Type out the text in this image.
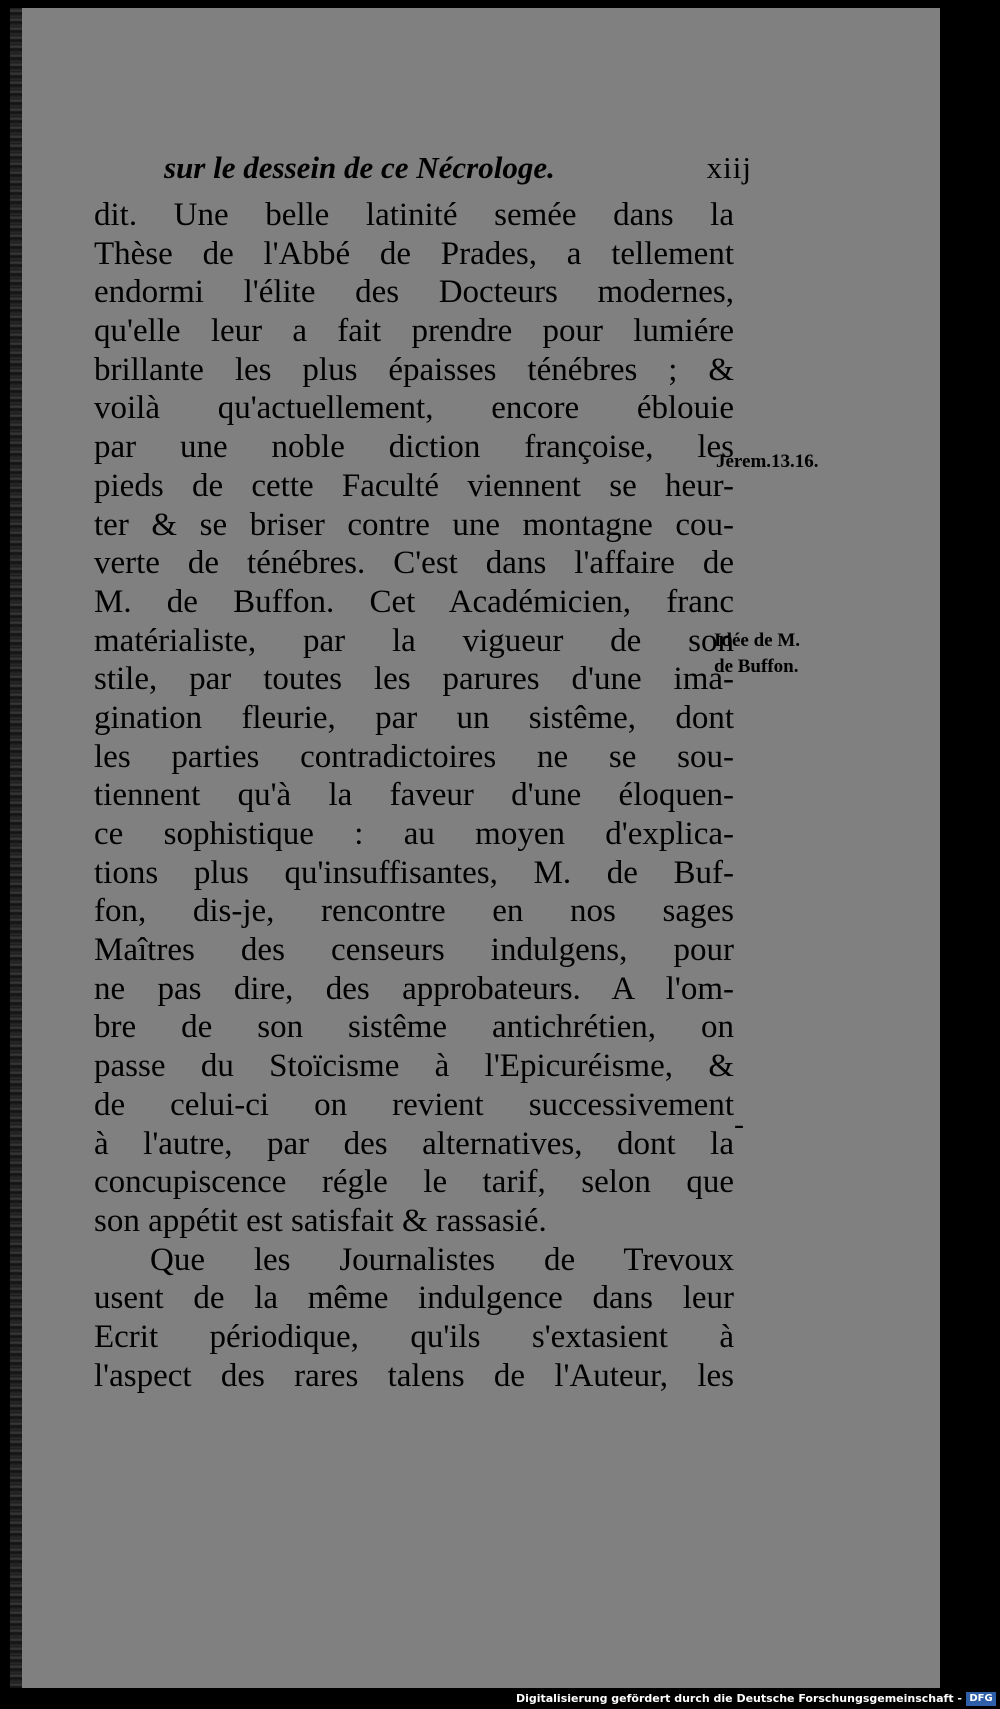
sur le dessein de ce Nécrologe.	xiij
dit. Une belle latinité semée dans la
Thèse de l'Abbé de Prades, a tellement
endormi l'élite des Docteurs modernes,
qu'elle leur a fait prendre pour lumiére
brillante les plus épaisses ténébres ; &
voilà qu'actuellement, encore éblouie
par une noble diction françoise, les
pieds de cette Faculté viennent se heur-
ter & se briser contre une montagne cou-
verte de ténébres. C'est dans l'affaire de
M. de Buffon. Cet Académicien, franc
matérialiste, par la vigueur de son
stile, par toutes les parures d'une ima-
gination fleurie, par un sistême, dont
les parties contradictoires ne se sou-
tiennent qu'à la faveur d'une éloquen-
ce sophistique : au moyen d'explica-
tions plus qu'insuffisantes, M. de Buf-
fon, dis-je, rencontre en nos sages
Maîtres des censeurs indulgens, pour
ne pas dire, des approbateurs. A l'om-
bre de son sistême antichrétien, on
passe du Stoïcisme à l'Epicuréisme, &
de celui-ci on revient successivement
à l'autre, par des alternatives, dont la
concupiscence régle le tarif, selon que
son appétit est satisfait & rassasié.
Que les Journalistes de Trevoux
usent de la même indulgence dans leur
Ecrit périodique, qu'ils s'extasient à
l'aspect des rares talens de l'Auteur, les
Jerem.13.16.
Idée de M.
de Buffon.
-
Digitalisierung gefördert durch die Deutsche Forschungsgemeinschaft - DFG
